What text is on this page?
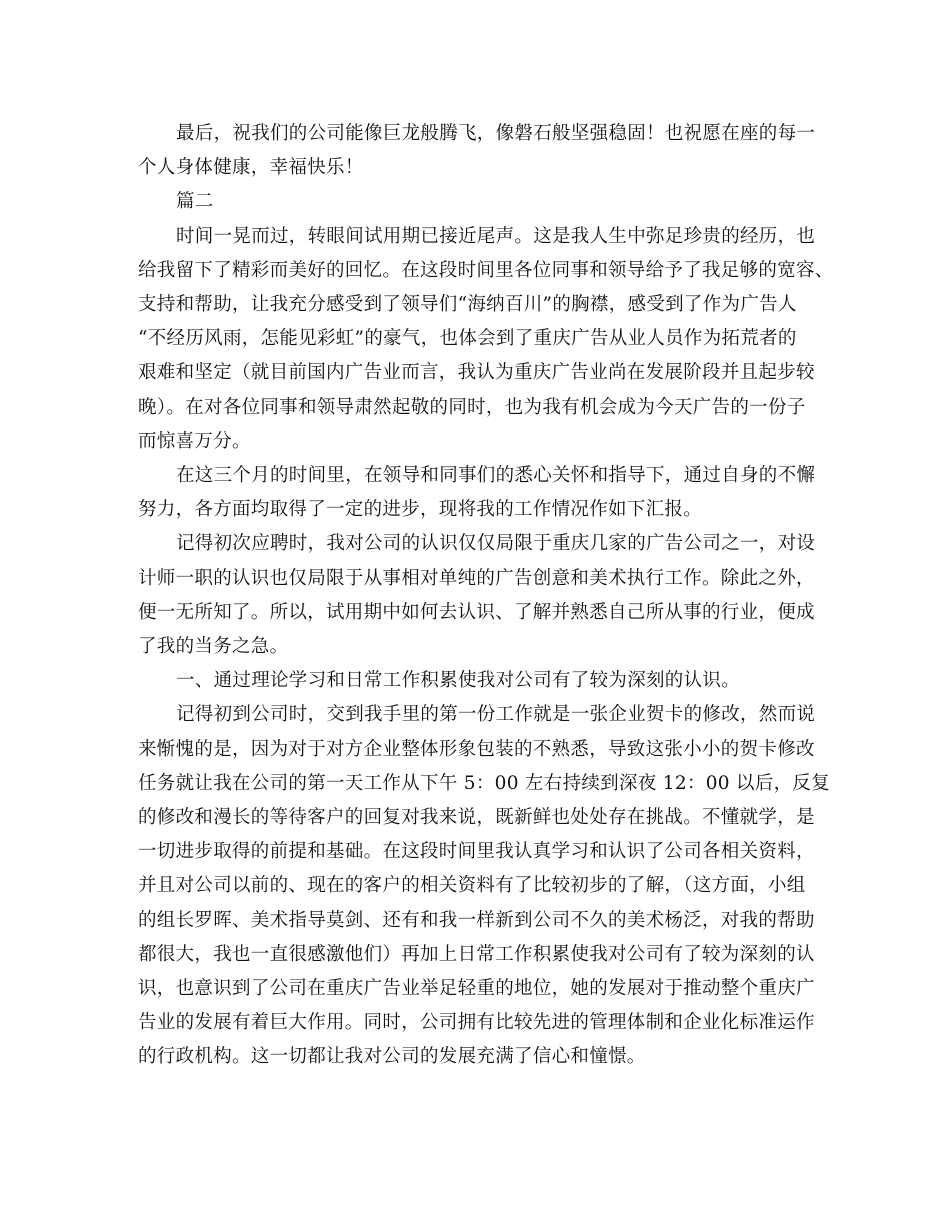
最后，祝我们的公司能像巨龙般腾飞，像磐石般坚强稳固！也祝愿在座的每一
个人身体健康，幸福快乐！
篇二
时间一晃而过，转眼间试用期已接近尾声。这是我人生中弥足珍贵的经历，也
给我留下了精彩而美好的回忆。在这段时间里各位同事和领导给予了我足够的宽容、
支持和帮助，让我充分感受到了领导们“海纳百川”的胸襟，感受到了作为广告人
“不经历风雨，怎能见彩虹”的豪气，也体会到了重庆广告从业人员作为拓荒者的
艰难和坚定（就目前国内广告业而言，我认为重庆广告业尚在发展阶段并且起步较
晚）。在对各位同事和领导肃然起敬的同时，也为我有机会成为今天广告的一份子
而惊喜万分。
在这三个月的时间里，在领导和同事们的悉心关怀和指导下，通过自身的不懈
努力，各方面均取得了一定的进步，现将我的工作情况作如下汇报。
记得初次应聘时，我对公司的认识仅仅局限于重庆几家的广告公司之一，对设
计师一职的认识也仅局限于从事相对单纯的广告创意和美术执行工作。除此之外，
便一无所知了。所以，试用期中如何去认识、了解并熟悉自己所从事的行业，便成
了我的当务之急。
一、通过理论学习和日常工作积累使我对公司有了较为深刻的认识。
记得初到公司时，交到我手里的第一份工作就是一张企业贺卡的修改，然而说
来惭愧的是，因为对于对方企业整体形象包装的不熟悉，导致这张小小的贺卡修改
任务就让我在公司的第一天工作从下午 5：00 左右持续到深夜 12：00 以后，反复
的修改和漫长的等待客户的回复对我来说，既新鲜也处处存在挑战。不懂就学，是
一切进步取得的前提和基础。在这段时间里我认真学习和认识了公司各相关资料，
并且对公司以前的、现在的客户的相关资料有了比较初步的了解，（这方面，小组
的组长罗晖、美术指导莫剑、还有和我一样新到公司不久的美术杨泛，对我的帮助
都很大，我也一直很感激他们）再加上日常工作积累使我对公司有了较为深刻的认
识，也意识到了公司在重庆广告业举足轻重的地位，她的发展对于推动整个重庆广
告业的发展有着巨大作用。同时，公司拥有比较先进的管理体制和企业化标准运作
的行政机构。这一切都让我对公司的发展充满了信心和憧憬。
